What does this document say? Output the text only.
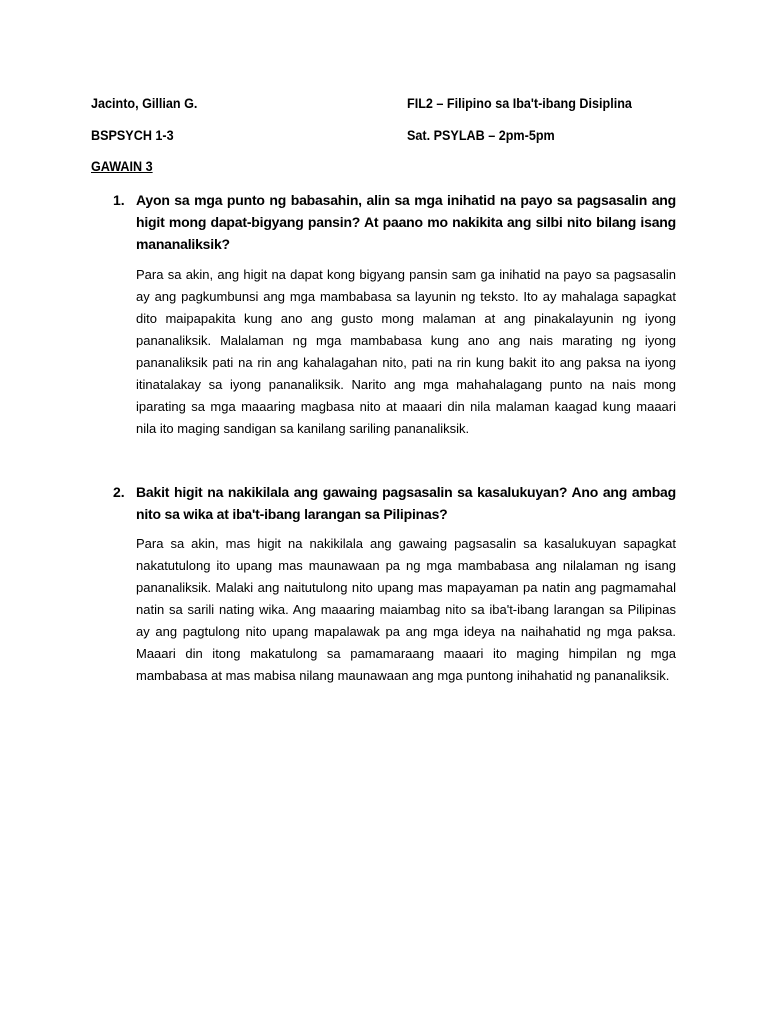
Jacinto, Gillian G.	FIL2 – Filipino sa Iba't-ibang Disiplina
BSPSYCH 1-3	Sat. PSYLAB – 2pm-5pm
GAWAIN 3
1. Ayon sa mga punto ng babasahin, alin sa mga inihatid na payo sa pagsasalin ang higit mong dapat-bigyang pansin? At paano mo nakikita ang silbi nito bilang isang mananaliksik?

Para sa akin, ang higit na dapat kong bigyang pansin sam ga inihatid na payo sa pagsasalin ay ang pagkumbunsi ang mga mambabasa sa layunin ng teksto. Ito ay mahalaga sapagkat dito maipapakita kung ano ang gusto mong malaman at ang pinakalayunin ng iyong pananaliksik. Malalaman ng mga mambabasa kung ano ang nais marating ng iyong pananaliksik pati na rin ang kahalagahan nito, pati na rin kung bakit ito ang paksa na iyong itinatalakay sa iyong pananaliksik. Narito ang mga mahahalagang punto na nais mong iparating sa mga maaaring magbasa nito at maaari din nila malaman kaagad kung maaari nila ito maging sandigan sa kanilang sariling pananaliksik.

2. Bakit higit na nakikilala ang gawaing pagsasalin sa kasalukuyan? Ano ang ambag nito sa wika at iba't-ibang larangan sa Pilipinas?

Para sa akin, mas higit na nakikilala ang gawaing pagsasalin sa kasalukuyan sapagkat nakatutulong ito upang mas maunawaan pa ng mga mambabasa ang nilalaman ng isang pananaliksik. Malaki ang naitutulong nito upang mas mapayaman pa natin ang pagmamahal natin sa sarili nating wika. Ang maaaring maiambag nito sa iba't-ibang larangan sa Pilipinas ay ang pagtulong nito upang mapalawak pa ang mga ideya na naihahatid ng mga paksa. Maaari din itong makatulong sa pamamaraang maaari ito maging himpilan ng mga mambabasa at mas mabisa nilang maunawaan ang mga puntong inihahatid ng pananaliksik.
